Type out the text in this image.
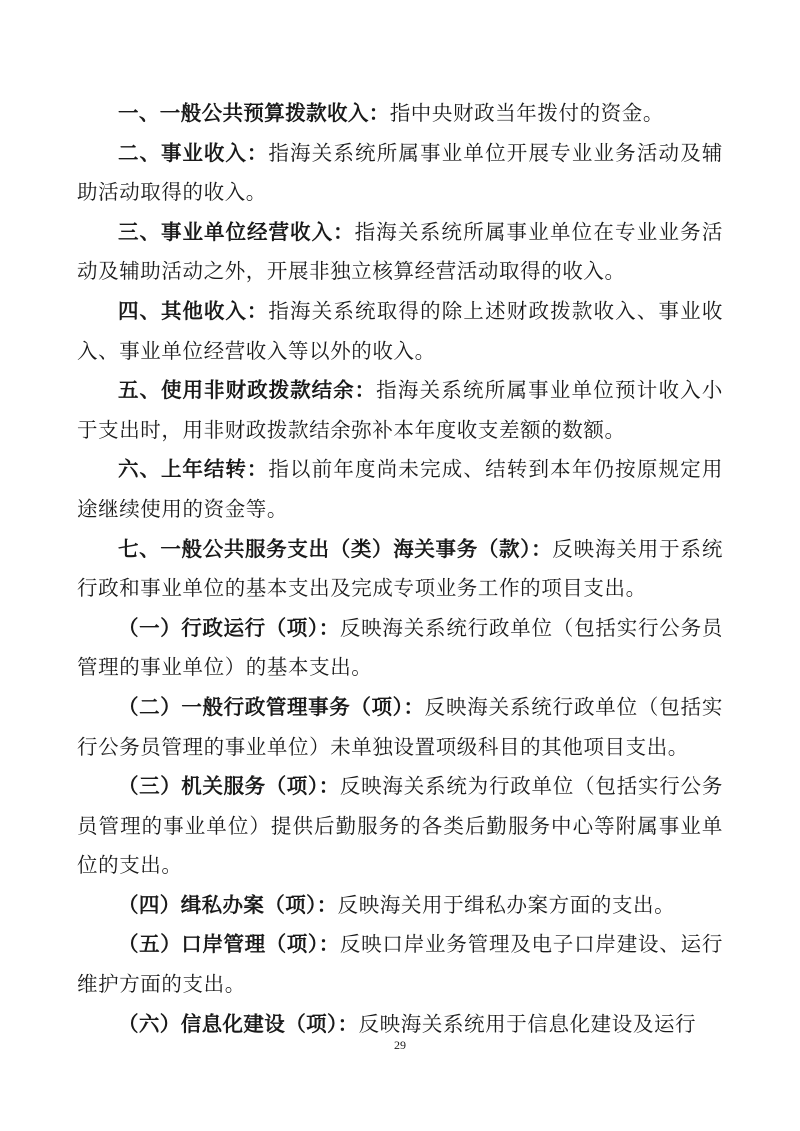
一、一般公共预算拨款收入：指中央财政当年拨付的资金。

二、事业收入：指海关系统所属事业单位开展专业业务活动及辅助活动取得的收入。

三、事业单位经营收入：指海关系统所属事业单位在专业业务活动及辅助活动之外，开展非独立核算经营活动取得的收入。

四、其他收入：指海关系统取得的除上述财政拨款收入、事业收入、事业单位经营收入等以外的收入。

五、使用非财政拨款结余：指海关系统所属事业单位预计收入小于支出时，用非财政拨款结余弥补本年度收支差额的数额。

六、上年结转：指以前年度尚未完成、结转到本年仍按原规定用途继续使用的资金等。

七、一般公共服务支出（类）海关事务（款）：反映海关用于系统行政和事业单位的基本支出及完成专项业务工作的项目支出。

（一）行政运行（项）：反映海关系统行政单位（包括实行公务员管理的事业单位）的基本支出。

（二）一般行政管理事务（项）：反映海关系统行政单位（包括实行公务员管理的事业单位）未单独设置项级科目的其他项目支出。

（三）机关服务（项）：反映海关系统为行政单位（包括实行公务员管理的事业单位）提供后勤服务的各类后勤服务中心等附属事业单位的支出。

（四）缉私办案（项）：反映海关用于缉私办案方面的支出。

（五）口岸管理（项）：反映口岸业务管理及电子口岸建设、运行维护方面的支出。

（六）信息化建设（项）：反映海关系统用于信息化建设及运行

29
